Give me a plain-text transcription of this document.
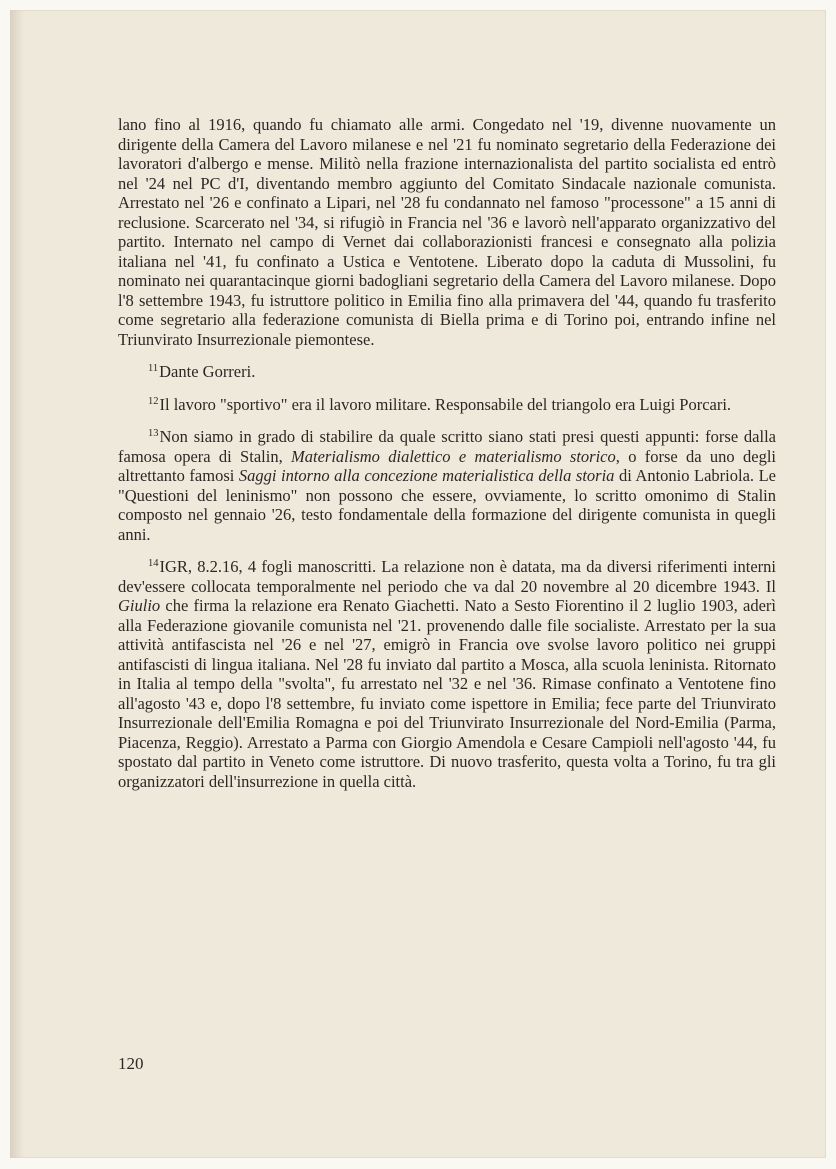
lano fino al 1916, quando fu chiamato alle armi. Congedato nel '19, divenne nuovamente un dirigente della Camera del Lavoro milanese e nel '21 fu nominato segretario della Federazione dei lavoratori d'albergo e mense. Militò nella frazione internazionalista del partito socialista ed entrò nel '24 nel PC d'I, diventando membro aggiunto del Comitato Sindacale nazionale comunista. Arrestato nel '26 e confinato a Lipari, nel '28 fu condannato nel famoso "processone" a 15 anni di reclusione. Scarcerato nel '34, si rifugiò in Francia nel '36 e lavorò nell'apparato organizzativo del partito. Internato nel campo di Vernet dai collaborazionisti francesi e consegnato alla polizia italiana nel '41, fu confinato a Ustica e Ventotene. Liberato dopo la caduta di Mussolini, fu nominato nei quarantacinque giorni badogliani segretario della Camera del Lavoro milanese. Dopo l'8 settembre 1943, fu istruttore politico in Emilia fino alla primavera del '44, quando fu trasferito come segretario alla federazione comunista di Biella prima e di Torino poi, entrando infine nel Triunvirato Insurrezionale piemontese.

$^{11}$Dante Gorreri.

$^{12}$Il lavoro "sportivo" era il lavoro militare. Responsabile del triangolo era Luigi Porcari.

$^{13}$Non siamo in grado di stabilire da quale scritto siano stati presi questi appunti: forse dalla famosa opera di Stalin, Materialismo dialettico e materialismo storico, o forse da uno degli altrettanto famosi Saggi intorno alla concezione materialistica della storia di Antonio Labriola. Le "Questioni del leninismo" non possono che essere, ovviamente, lo scritto omonimo di Stalin composto nel gennaio '26, testo fondamentale della formazione del dirigente comunista in quegli anni.

$^{14}$IGR, 8.2.16, 4 fogli manoscritti. La relazione non è datata, ma da diversi riferimenti interni dev'essere collocata temporalmente nel periodo che va dal 20 novembre al 20 dicembre 1943. Il Giulio che firma la relazione era Renato Giachetti. Nato a Sesto Fiorentino il 2 luglio 1903, aderì alla Federazione giovanile comunista nel '21. provenendo dalle file socialiste. Arrestato per la sua attività antifascista nel '26 e nel '27, emigrò in Francia ove svolse lavoro politico nei gruppi antifascisti di lingua italiana. Nel '28 fu inviato dal partito a Mosca, alla scuola leninista. Ritornato in Italia al tempo della "svolta", fu arrestato nel '32 e nel '36. Rimase confinato a Ventotene fino all'agosto '43 e, dopo l'8 settembre, fu inviato come ispettore in Emilia; fece parte del Triunvirato Insurrezionale dell'Emilia Romagna e poi del Triunvirato Insurrezionale del Nord-Emilia (Parma, Piacenza, Reggio). Arrestato a Parma con Giorgio Amendola e Cesare Campioli nell'agosto '44, fu spostato dal partito in Veneto come istruttore. Di nuovo trasferito, questa volta a Torino, fu tra gli organizzatori dell'insurrezione in quella città.

120
